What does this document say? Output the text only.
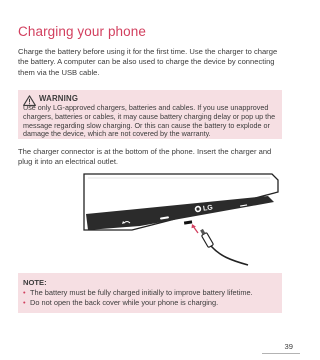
Charging your phone
Charge the battery before using it for the first time. Use the charger to charge the battery. A computer can be also used to charge the device by connecting them via the USB cable.
WARNING
Use only LG-approved chargers, batteries and cables. If you use unapproved chargers, batteries or cables, it may cause battery charging delay or pop up the message regarding slow charging. Or this can cause the battery to explode or damage the device, which are not covered by the warranty.
The charger connector is at the bottom of the phone. Insert the charger and plug it into an electrical outlet.
LG
NOTE:
• The battery must be fully charged initially to improve battery lifetime.
• Do not open the back cover while your phone is charging.
39
